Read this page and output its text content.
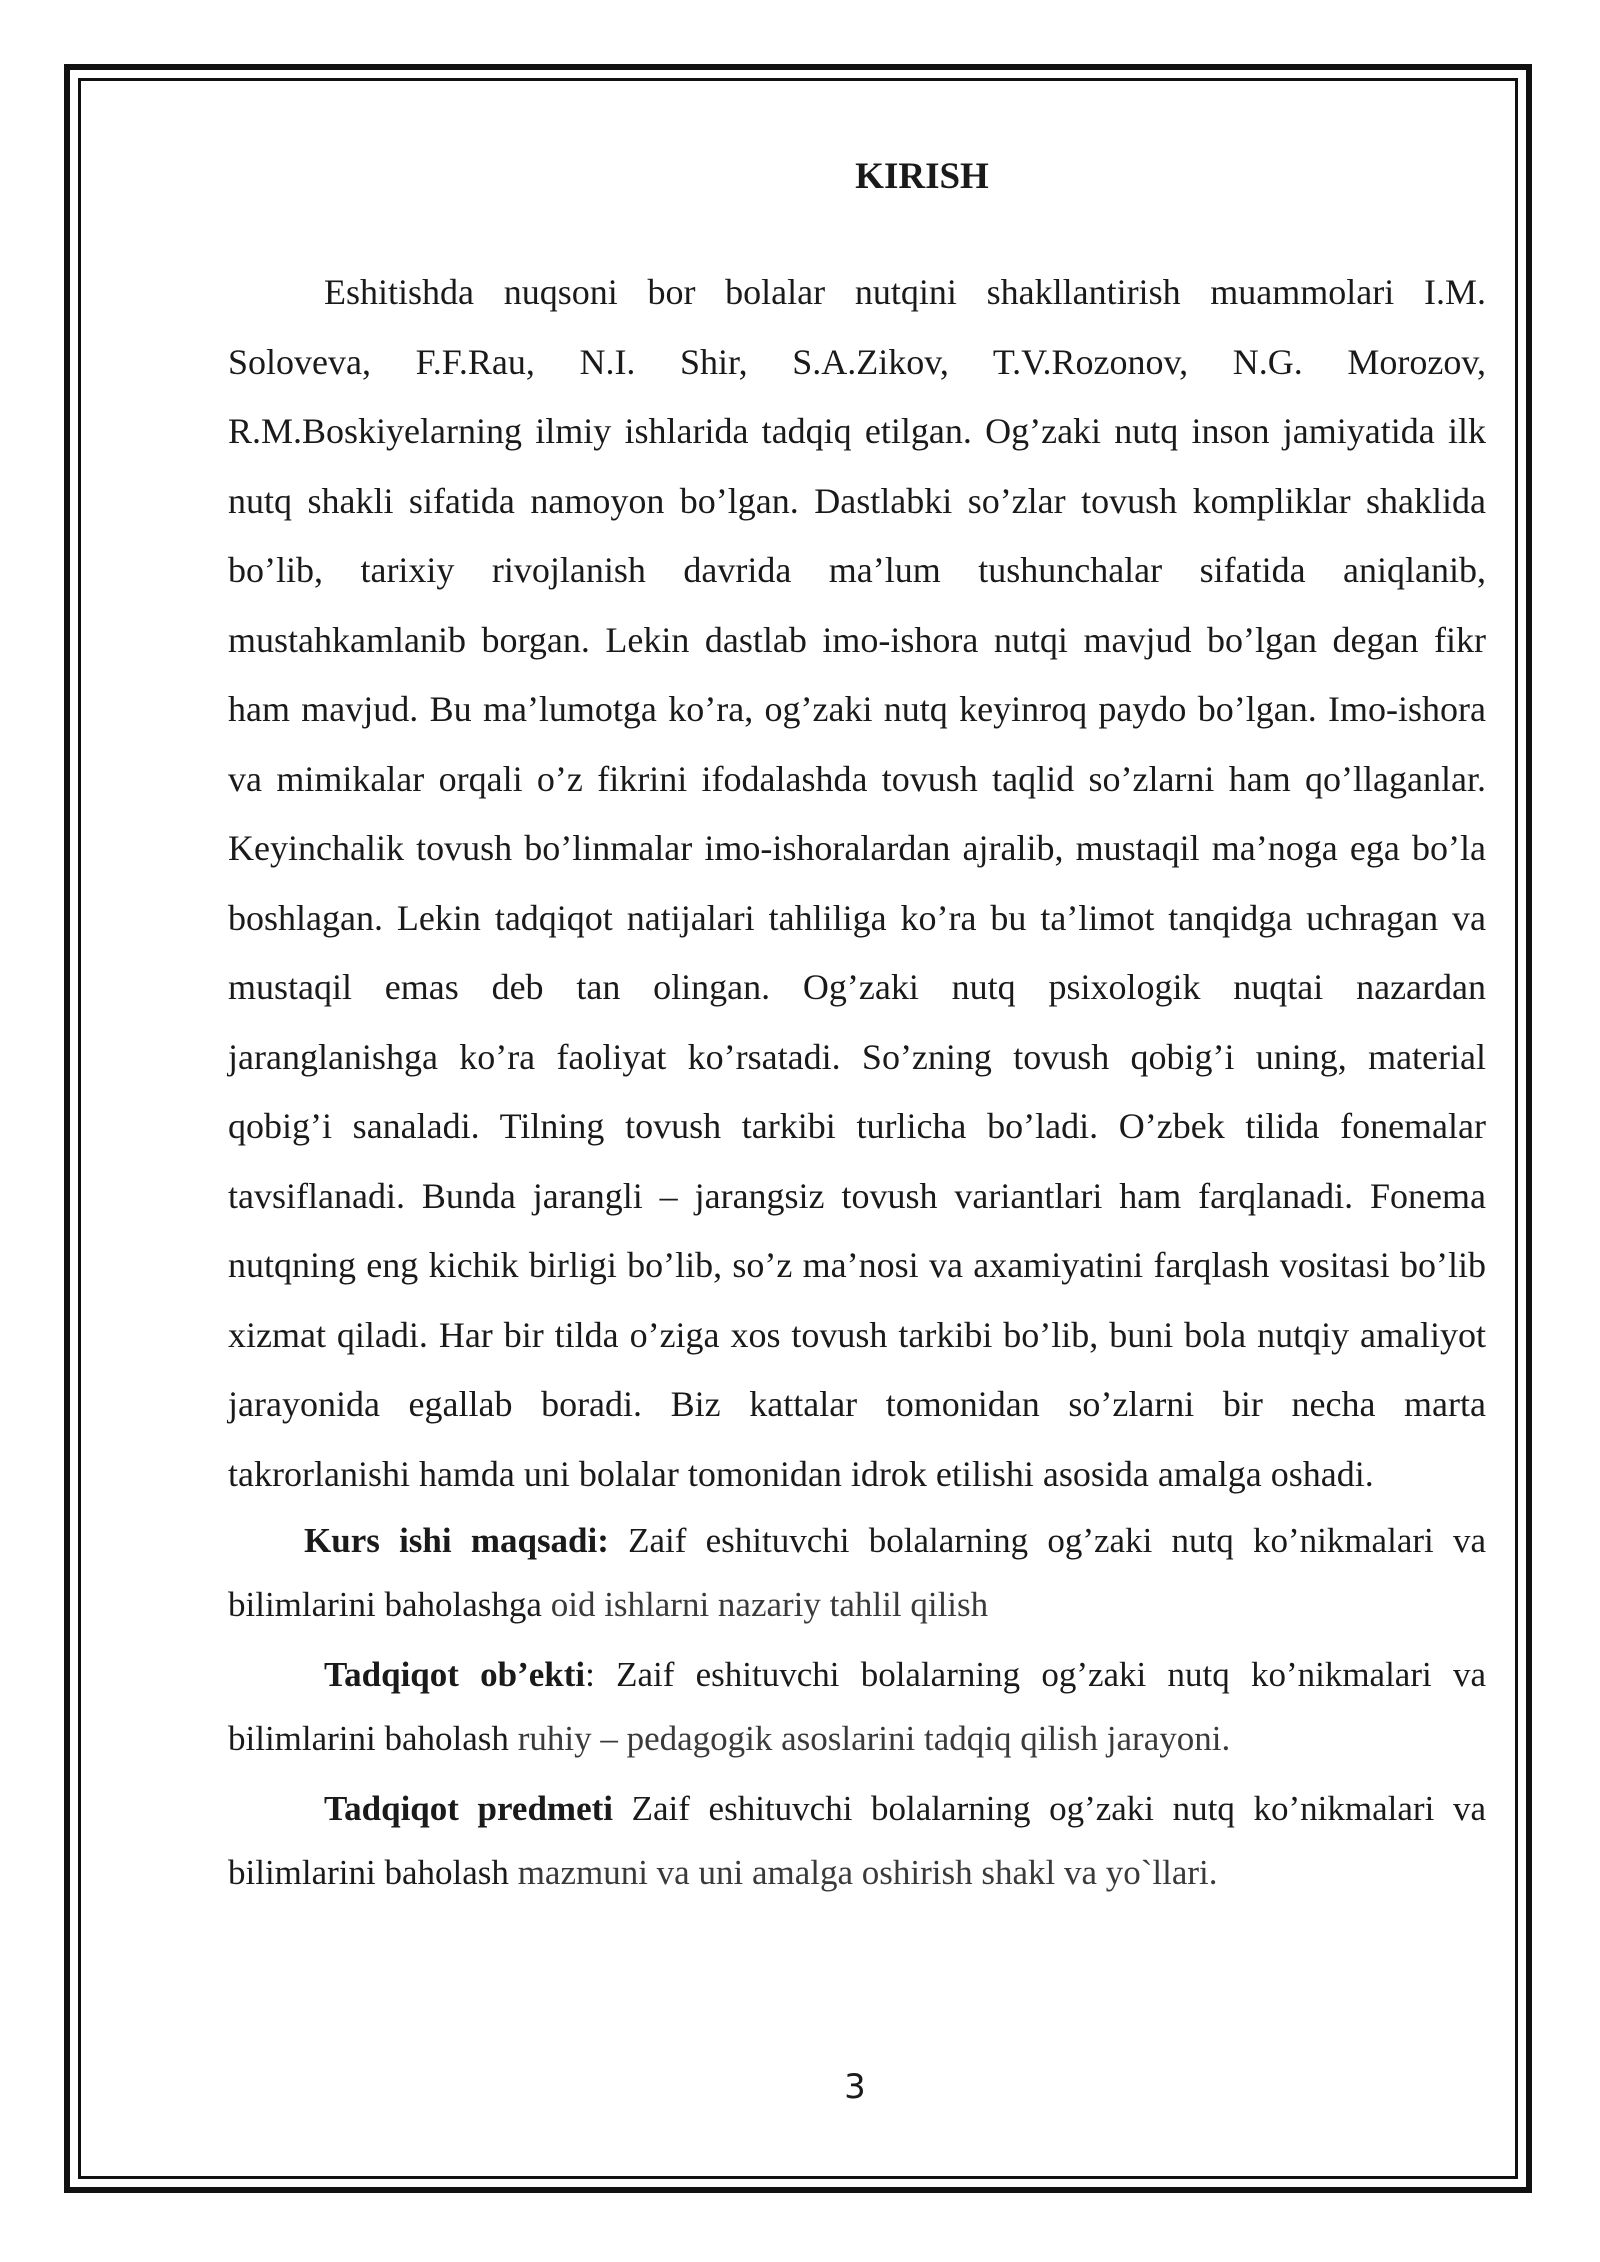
KIRISH

Eshitishda nuqsoni bor bolalar nutqini shakllantirish muammolari I.M. Soloveva, F.F.Rau, N.I. Shir, S.A.Zikov, T.V.Rozonov, N.G. Morozov, R.M.Boskiyelarning ilmiy ishlarida tadqiq etilgan. Og’zaki nutq inson jamiyatida ilk nutq shakli sifatida namoyon bo’lgan. Dastlabki so’zlar tovush kompliklar shaklida bo’lib, tarixiy rivojlanish davrida ma’lum tushunchalar sifatida aniqlanib, mustahkamlanib borgan. Lekin dastlab imo-ishora nutqi mavjud bo’lgan degan fikr ham mavjud. Bu ma’lumotga ko’ra, og’zaki nutq keyinroq paydo bo’lgan. Imo-ishora va mimikalar orqali o’z fikrini ifodalashda tovush taqlid so’zlarni ham qo’llaganlar. Keyinchalik tovush bo’linmalar imo-ishoralardan ajralib, mustaqil ma’noga ega bo’la boshlagan. Lekin tadqiqot natijalari tahliliga ko’ra bu ta’limot tanqidga uchragan va mustaqil emas deb tan olingan. Og’zaki nutq psixologik nuqtai nazardan jaranglanishga ko’ra faoliyat ko’rsatadi. So’zning tovush qobig’i uning, material qobig’i sanaladi. Tilning tovush tarkibi turlicha bo’ladi. O’zbek tilida fonemalar tavsiflanadi. Bunda jarangli – jarangsiz tovush variantlari ham farqlanadi. Fonema nutqning eng kichik birligi bo’lib, so’z ma’nosi va axamiyatini farqlash vositasi bo’lib xizmat qiladi. Har bir tilda o’ziga xos tovush tarkibi bo’lib, buni bola nutqiy amaliyot jarayonida egallab boradi. Biz kattalar tomonidan so’zlarni bir necha marta takrorlanishi hamda uni bolalar tomonidan idrok etilishi asosida amalga oshadi.

Kurs ishi maqsadi: Zaif eshituvchi bolalarning og’zaki nutq ko’nikmalari va bilimlarini baholashga oid ishlarni nazariy tahlil qilish

Tadqiqot ob’ekti: Zaif eshituvchi bolalarning og’zaki nutq ko’nikmalari va bilimlarini baholash ruhiy – pedagogik asoslarini tadqiq qilish jarayoni.

Tadqiqot predmeti Zaif eshituvchi bolalarning og’zaki nutq ko’nikmalari va bilimlarini baholash mazmuni va uni amalga oshirish shakl va yo`llari.

3
